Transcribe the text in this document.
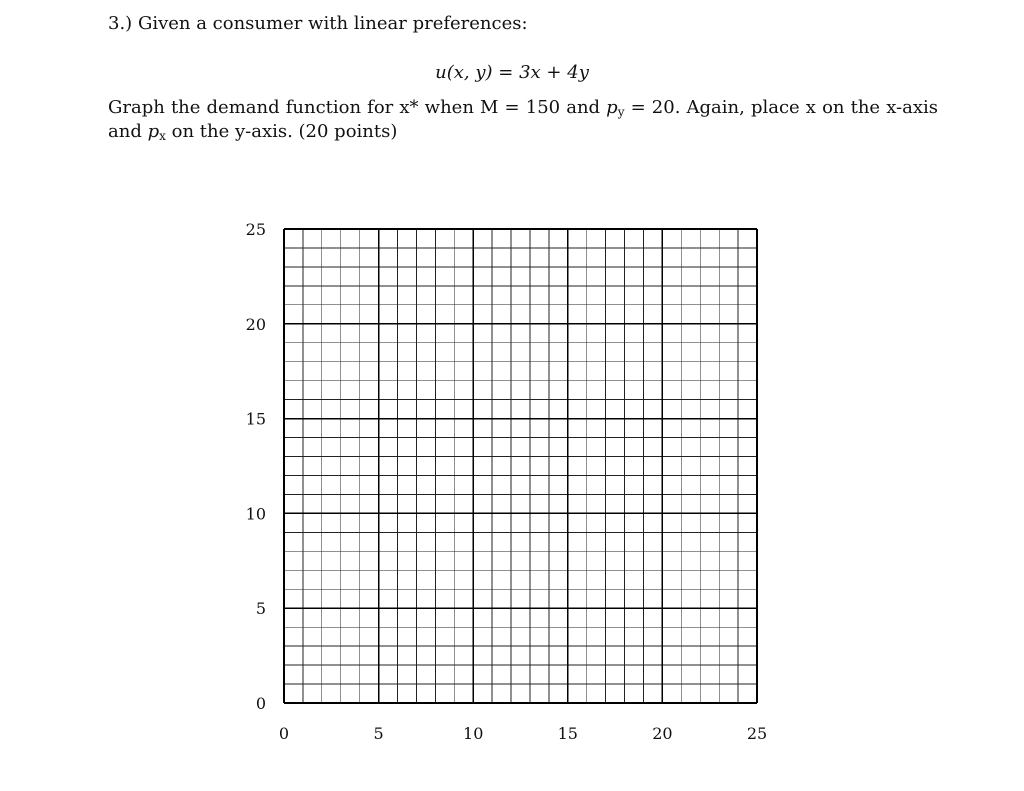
3.) Given a consumer with linear preferences:
u(x, y) = 3x + 4y
Graph the demand function for x* when M = 150 and $p_y = 20$. Again, place x on the x-axis and $p_x$ on the y-axis. (20 points)
0
5
10
15
20
25
0	5	10	15	20	25
